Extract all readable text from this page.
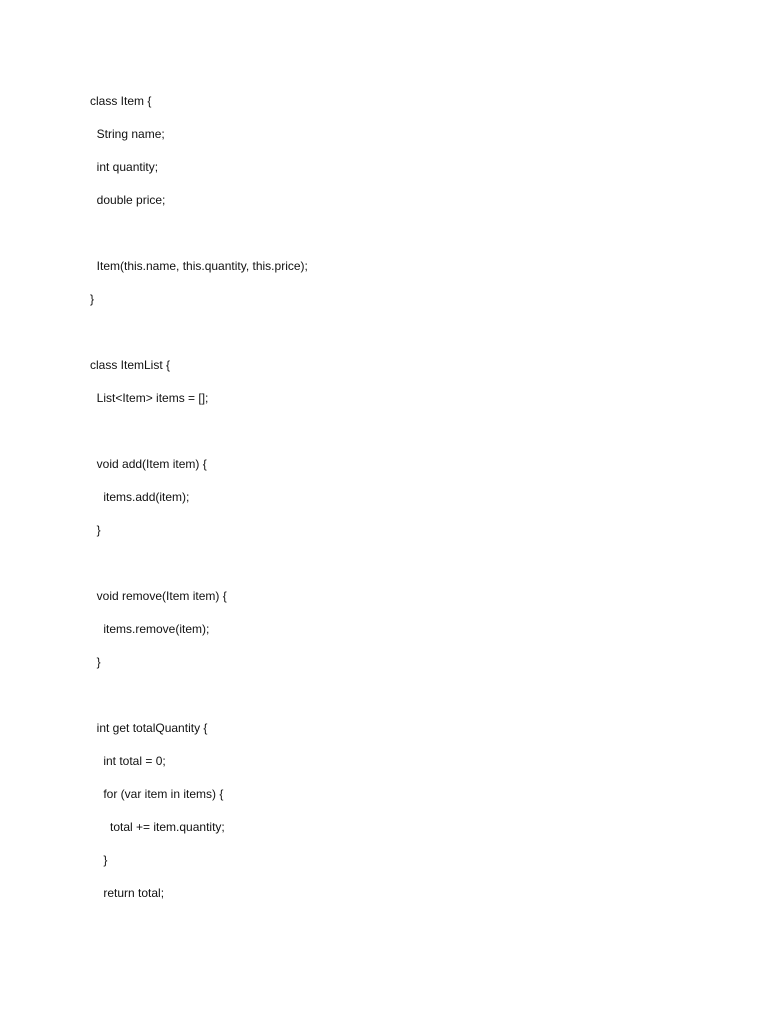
class Item {
String name;
int quantity;
double price;
Item(this.name, this.quantity, this.price);
}
class ItemList {
List<Item> items = [];
void add(Item item) {
items.add(item);
}
void remove(Item item) {
items.remove(item);
}
int get totalQuantity {
int total = 0;
for (var item in items) {
total += item.quantity;
}
return total;
